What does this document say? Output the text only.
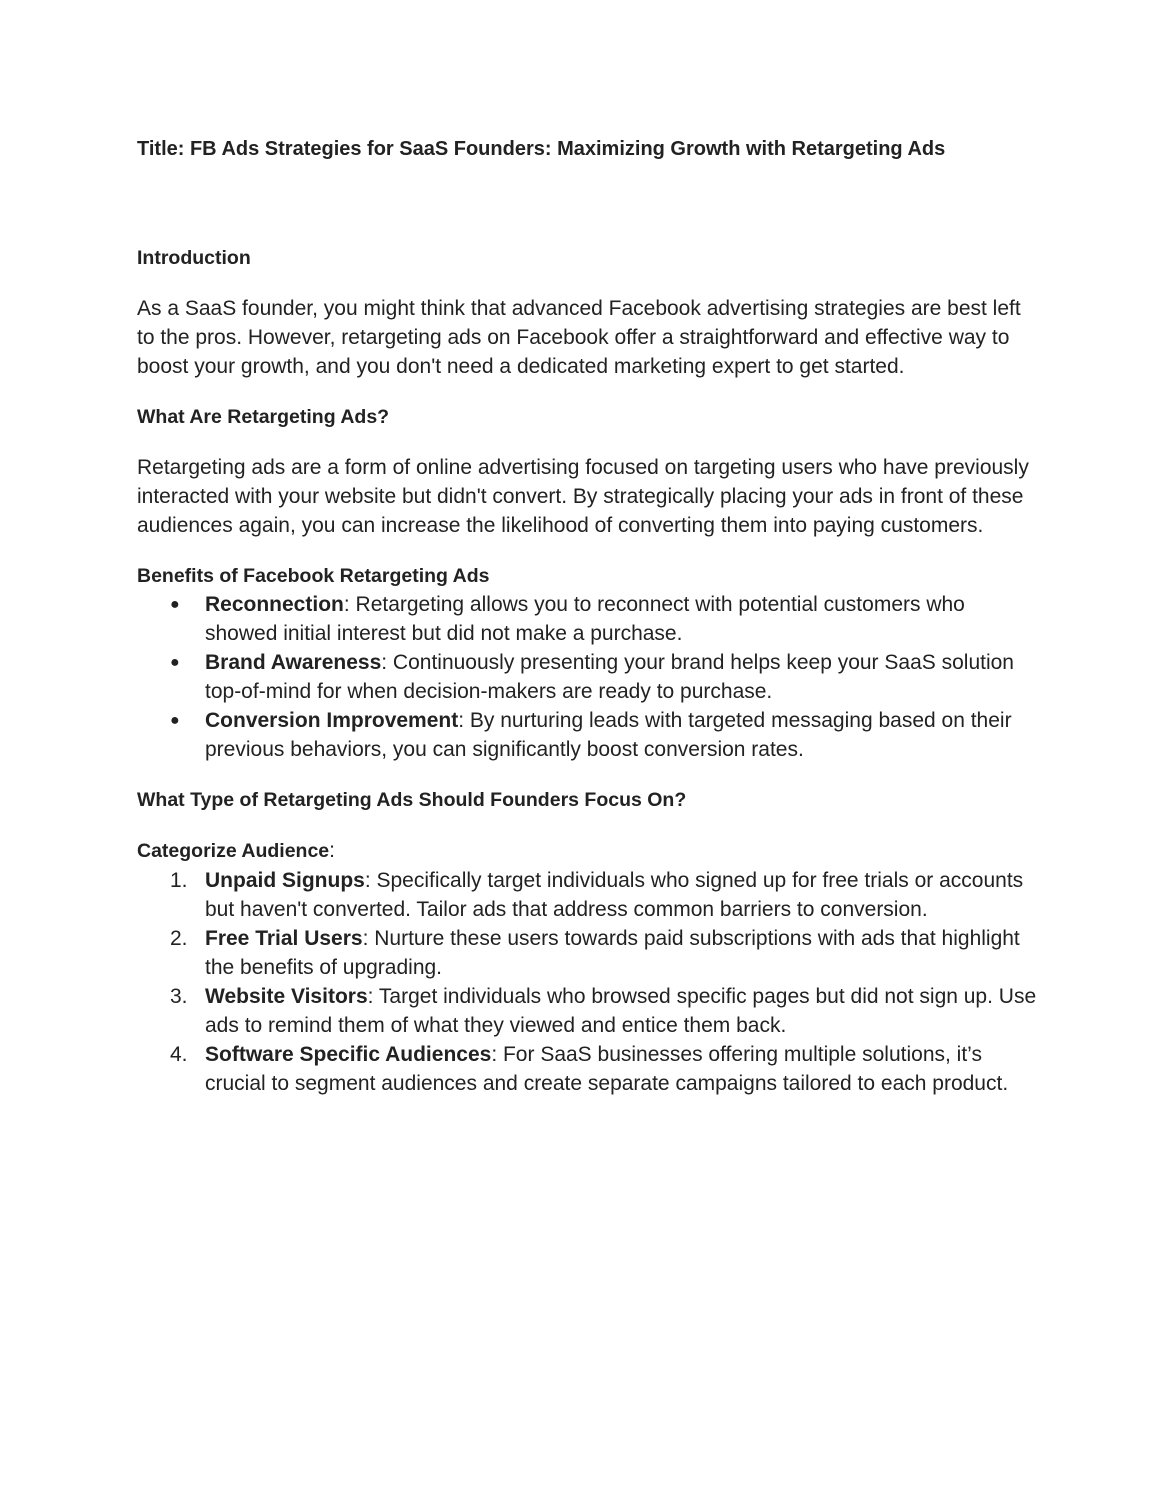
Title: FB Ads Strategies for SaaS Founders: Maximizing Growth with Retargeting Ads

Introduction

As a SaaS founder, you might think that advanced Facebook advertising strategies are best left to the pros. However, retargeting ads on Facebook offer a straightforward and effective way to boost your growth, and you don't need a dedicated marketing expert to get started.

What Are Retargeting Ads?

Retargeting ads are a form of online advertising focused on targeting users who have previously interacted with your website but didn't convert. By strategically placing your ads in front of these audiences again, you can increase the likelihood of converting them into paying customers.

Benefits of Facebook Retargeting Ads

● Reconnection: Retargeting allows you to reconnect with potential customers who showed initial interest but did not make a purchase.
● Brand Awareness: Continuously presenting your brand helps keep your SaaS solution top-of-mind for when decision-makers are ready to purchase.
● Conversion Improvement: By nurturing leads with targeted messaging based on their previous behaviors, you can significantly boost conversion rates.

What Type of Retargeting Ads Should Founders Focus On?

Categorize Audience:

1. Unpaid Signups: Specifically target individuals who signed up for free trials or accounts but haven't converted. Tailor ads that address common barriers to conversion.
2. Free Trial Users: Nurture these users towards paid subscriptions with ads that highlight the benefits of upgrading.
3. Website Visitors: Target individuals who browsed specific pages but did not sign up. Use ads to remind them of what they viewed and entice them back.
4. Software Specific Audiences: For SaaS businesses offering multiple solutions, it’s crucial to segment audiences and create separate campaigns tailored to each product.
